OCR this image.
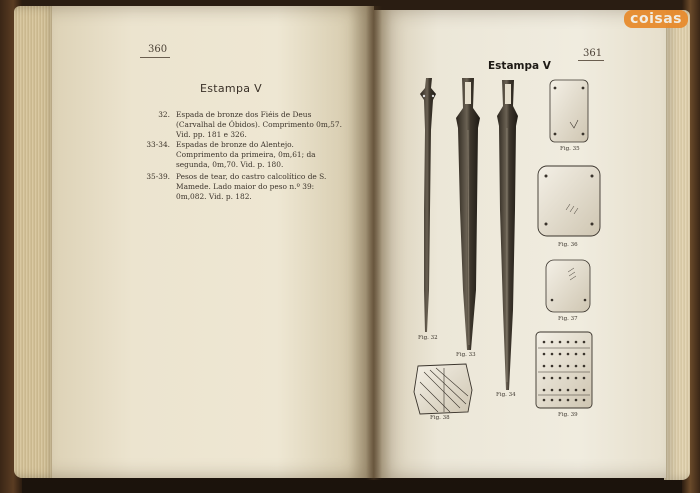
360
Estampa V
32. Espada de bronze dos Fiéis de Deus (Carvalhal de Óbidos). Comprimento 0m,57. Vid. pp. 181 e 326.
33-34. Espadas de bronze do Alentejo. Comprimento da primeira, 0m,61; da segunda, 0m,70. Vid. p. 180.
35-39. Pesos de tear, do castro calcolítico de S. Mamede. Lado maior do peso n.º 39: 0m,082. Vid. p. 182.
361
Estampa V
Fig. 32
Fig. 33
Fig. 34
Fig. 35
Fig. 36
Fig. 37
Fig. 38	Fig. 39
coisas
